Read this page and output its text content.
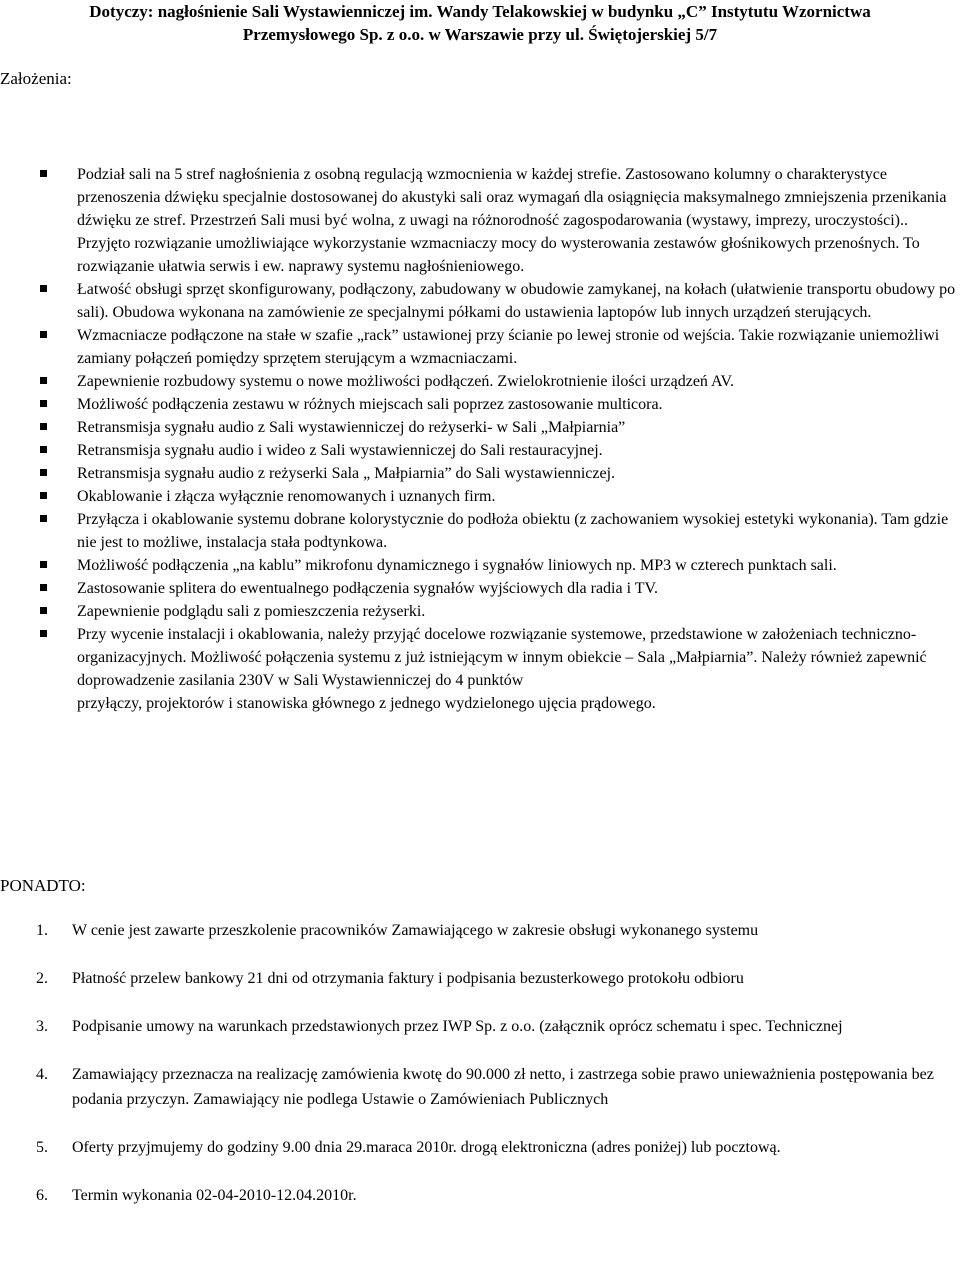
Dotyczy: nagłośnienie Sali Wystawienniczej im. Wandy Telakowskiej w budynku „C” Instytutu Wzornictwa
Przemysłowego Sp. z o.o. w Warszawie przy ul. Świętojerskiej 5/7
Założenia:
Podział sali na 5 stref nagłośnienia z osobną regulacją wzmocnienia w każdej strefie. Zastosowano kolumny o charakterystyce przenoszenia dźwięku specjalnie dostosowanej do akustyki sali oraz wymagań dla osiągnięcia maksymalnego zmniejszenia przenikania dźwięku ze stref. Przestrzeń Sali musi być wolna, z uwagi na różnorodność zagospodarowania (wystawy, imprezy, uroczystości).. Przyjęto rozwiązanie umożliwiające wykorzystanie wzmacniaczy mocy do wysterowania zestawów głośnikowych przenośnych. To rozwiązanie ułatwia serwis i ew. naprawy systemu nagłośnieniowego.
Łatwość obsługi sprzęt skonfigurowany, podłączony, zabudowany w obudowie zamykanej, na kołach (ułatwienie transportu obudowy po sali). Obudowa wykonana na zamówienie ze specjalnymi półkami do ustawienia laptopów lub innych urządzeń sterujących.
Wzmacniacze podłączone na stałe w szafie „rack” ustawionej przy ścianie po lewej stronie od wejścia. Takie rozwiązanie uniemożliwi zamiany połączeń pomiędzy sprzętem sterującym a wzmacniaczami.
Zapewnienie rozbudowy systemu o nowe możliwości podłączeń. Zwielokrotnienie ilości urządzeń AV.
Możliwość podłączenia zestawu w różnych miejscach sali poprzez zastosowanie multicora.
Retransmisja sygnału audio z Sali wystawienniczej do reżyserki- w Sali „Małpiarnia”
Retransmisja sygnału audio i wideo z Sali wystawienniczej do Sali restauracyjnej.
Retransmisja sygnału audio z reżyserki Sala „ Małpiarnia” do Sali wystawienniczej.
Okablowanie i złącza wyłącznie renomowanych i uznanych firm.
Przyłącza i okablowanie systemu dobrane kolorystycznie do podłoża obiektu (z zachowaniem wysokiej estetyki wykonania). Tam gdzie nie jest to możliwe, instalacja stała podtynkowa.
Możliwość podłączenia „na kablu” mikrofonu dynamicznego i sygnałów liniowych np. MP3 w czterech punktach sali.
Zastosowanie splitera do ewentualnego podłączenia sygnałów wyjściowych dla radia i TV.
Zapewnienie podglądu sali z pomieszczenia reżyserki.
Przy wycenie instalacji i okablowania, należy przyjąć docelowe rozwiązanie systemowe, przedstawione w założeniach techniczno-organizacyjnych. Możliwość połączenia systemu z już istniejącym w innym obiekcie – Sala „Małpiarnia”. Należy również zapewnić doprowadzenie zasilania 230V w Sali Wystawienniczej do 4 punktów
przyłączy, projektorów i stanowiska głównego z jednego wydzielonego ujęcia prądowego.
PONADTO:
1. W cenie jest zawarte przeszkolenie pracowników Zamawiającego w zakresie obsługi wykonanego systemu
2. Płatność przelew bankowy 21 dni od otrzymania faktury i podpisania bezusterkowego protokołu odbioru
3. Podpisanie umowy na warunkach przedstawionych przez IWP Sp. z o.o. (załącznik oprócz schematu i spec. Technicznej
4. Zamawiający przeznacza na realizację zamówienia kwotę do 90.000 zł netto, i zastrzega sobie prawo unieważnienia postępowania bez podania przyczyn. Zamawiający nie podlega Ustawie o Zamówieniach Publicznych
5. Oferty przyjmujemy do godziny 9.00 dnia 29.maraca 2010r. drogą elektroniczna (adres poniżej) lub pocztową.
6. Termin wykonania 02-04-2010-12.04.2010r.
